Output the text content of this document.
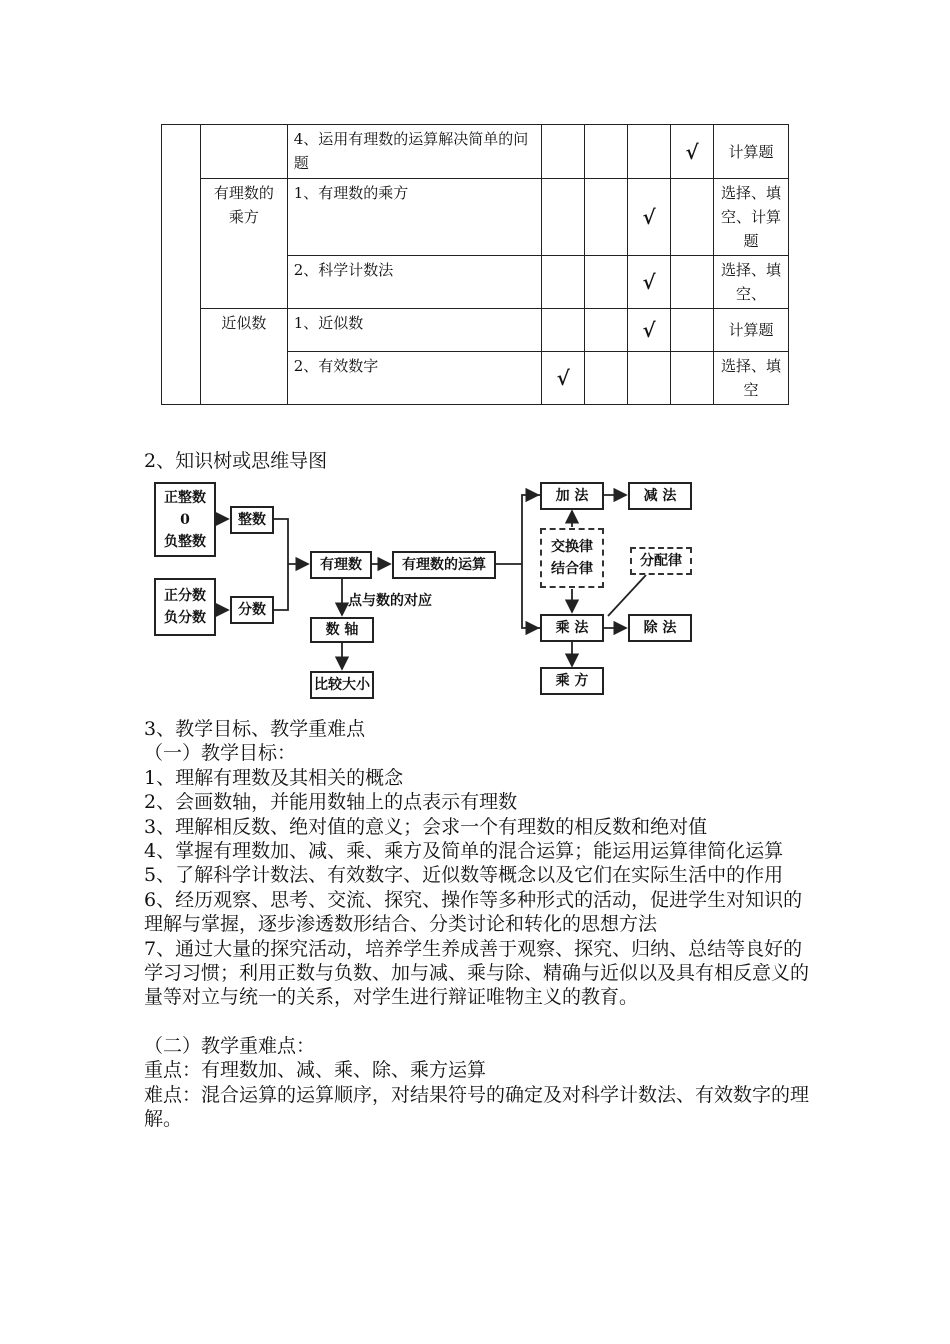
		4、运用有理数的运算解决简单的问题				√	计算题
	有理数的乘方	1、有理数的乘方			√		选择、填空、计算题
		2、科学计数法			√		选择、填空、
	近似数	1、近似数			√		计算题
		2、有效数字	√				选择、填空
2、知识树或思维导图
正整数
0
负整数
整数
正分数
负分数	分数
有理数	有理数的运算
点与数的对应
数 轴
比较大小
加 法	减 法
交换律
结合律	分配律
乘 法	除 法
乘 方

3、教学目标、教学重难点

（一）教学目标：

1、理解有理数及其相关的概念

2、会画数轴，并能用数轴上的点表示有理数

3、理解相反数、绝对值的意义；会求一个有理数的相反数和绝对值

4、掌握有理数加、减、乘、乘方及简单的混合运算；能运用运算律简化运算

5、了解科学计数法、有效数字、近似数等概念以及它们在实际生活中的作用

6、经历观察、思考、交流、探究、操作等多种形式的活动，促进学生对知识的理解与掌握，逐步渗透数形结合、分类讨论和转化的思想方法

7、通过大量的探究活动，培养学生养成善于观察、探究、归纳、总结等良好的学习习惯；利用正数与负数、加与减、乘与除、精确与近似以及具有相反意义的量等对立与统一的关系，对学生进行辩证唯物主义的教育。

（二）教学重难点：

重点：有理数加、减、乘、除、乘方运算

难点：混合运算的运算顺序，对结果符号的确定及对科学计数法、有效数字的理解。
